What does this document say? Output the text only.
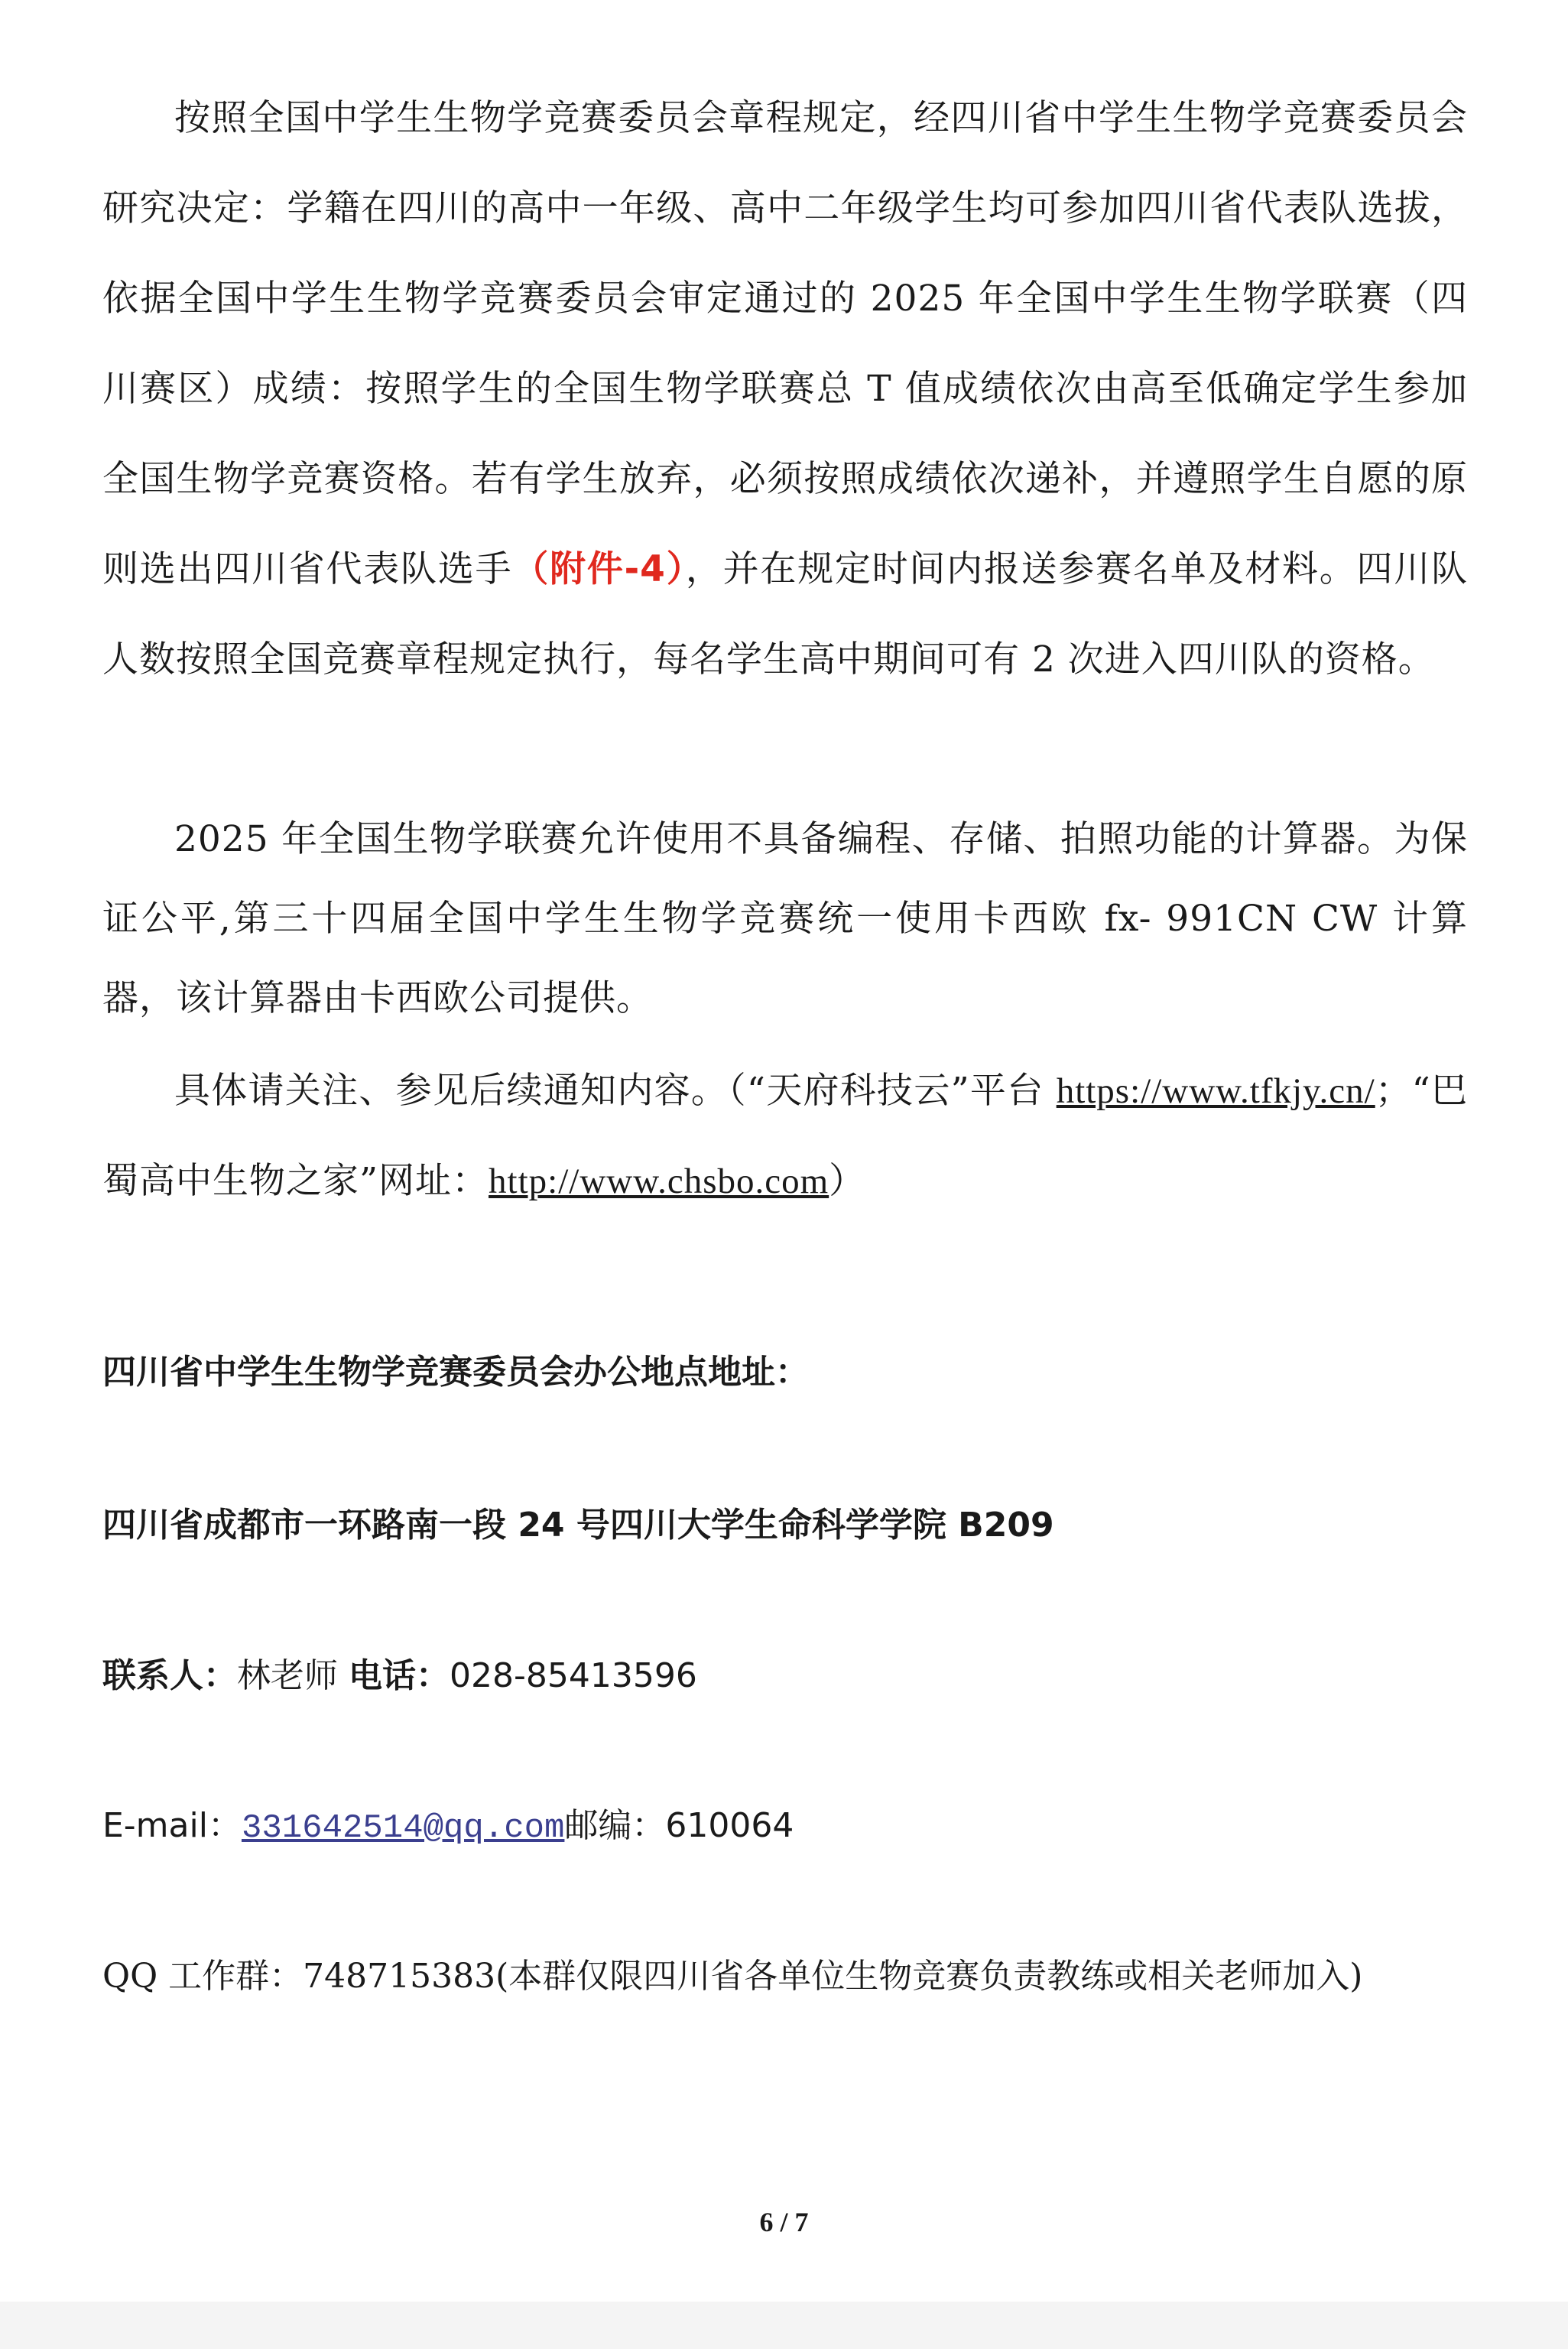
按照全国中学生生物学竞赛委员会章程规定，经四川省中学生生物学竞赛委员会研究决定：学籍在四川的高中一年级、高中二年级学生均可参加四川省代表队选拔，依据全国中学生生物学竞赛委员会审定通过的 2025 年全国中学生生物学联赛（四川赛区）成绩：按照学生的全国生物学联赛总 T 值成绩依次由高至低确定学生参加全国生物学竞赛资格。若有学生放弃，必须按照成绩依次递补，并遵照学生自愿的原则选出四川省代表队选手（附件-4），并在规定时间内报送参赛名单及材料。四川队人数按照全国竞赛章程规定执行，每名学生高中期间可有 2 次进入四川队的资格。

2025 年全国生物学联赛允许使用不具备编程、存储、拍照功能的计算器。为保证公平,第三十四届全国中学生生物学竞赛统一使用卡西欧 fx- 991CN CW 计算器，该计算器由卡西欧公司提供。

具体请关注、参见后续通知内容。（“天府科技云”平台 https://www.tfkjy.cn/；“巴蜀高中生物之家”网址：http://www.chsbo.com）

四川省中学生生物学竞赛委员会办公地点地址：
四川省成都市一环路南一段 24 号四川大学生命科学学院 B209
联系人：林老师 电话：028-85413596
E-mail：331642514@qq.com邮编：610064
QQ 工作群：748715383(本群仅限四川省各单位生物竞赛负责教练或相关老师加入)
6 / 7
